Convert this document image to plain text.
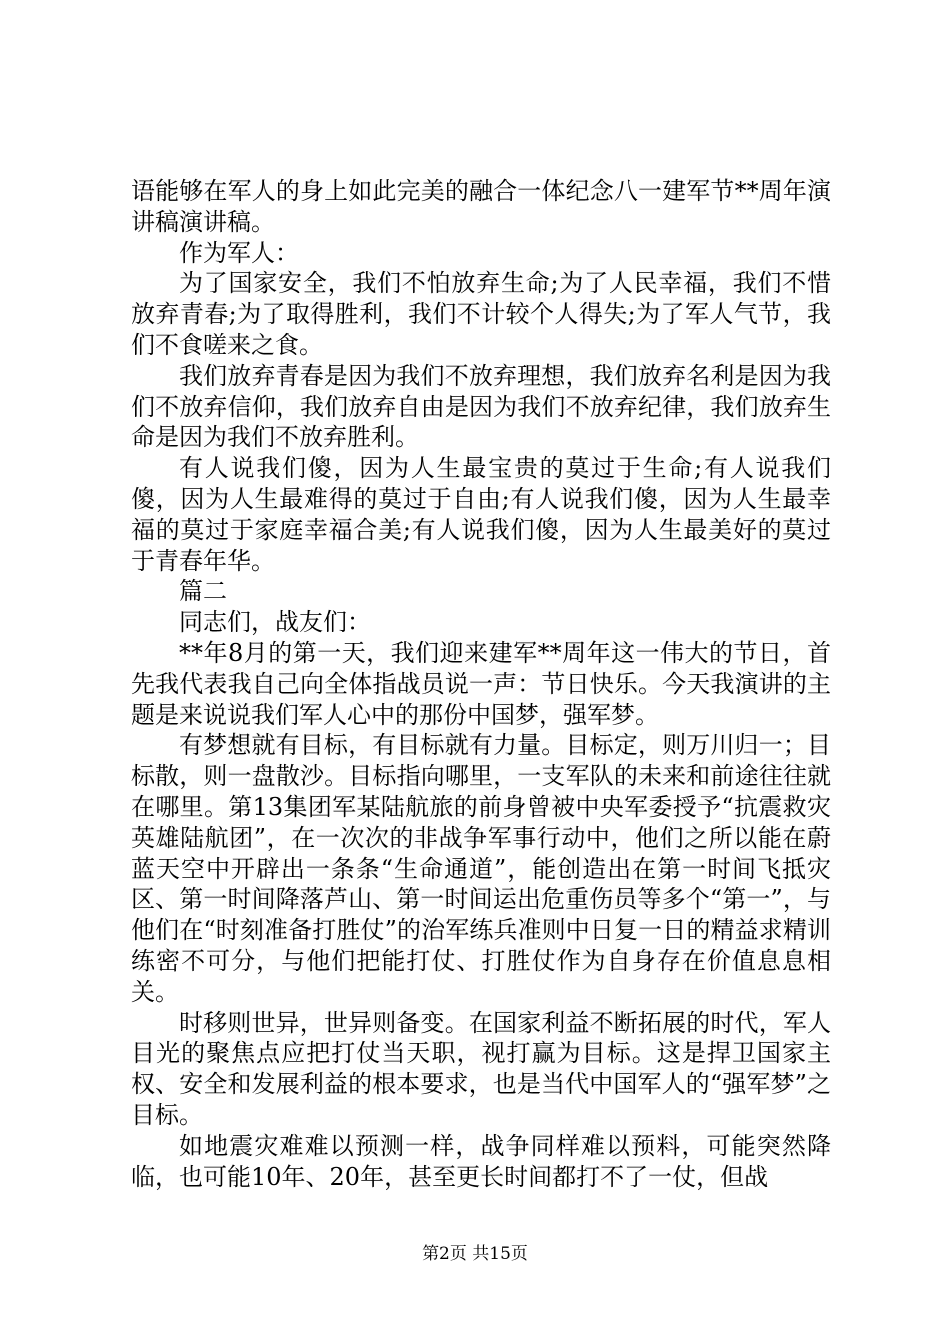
语能够在军人的身上如此完美的融合一体纪念八一建军节**周年演讲稿演讲稿。

作为军人：

为了国家安全，我们不怕放弃生命;为了人民幸福，我们不惜放弃青春;为了取得胜利，我们不计较个人得失;为了军人气节，我们不食嗟来之食。

我们放弃青春是因为我们不放弃理想，我们放弃名利是因为我们不放弃信仰，我们放弃自由是因为我们不放弃纪律，我们放弃生命是因为我们不放弃胜利。

有人说我们傻，因为人生最宝贵的莫过于生命;有人说我们傻，因为人生最难得的莫过于自由;有人说我们傻，因为人生最幸福的莫过于家庭幸福合美;有人说我们傻，因为人生最美好的莫过于青春年华。

篇二

同志们，战友们：

**年8月的第一天，我们迎来建军**周年这一伟大的节日，首先我代表我自己向全体指战员说一声：节日快乐。今天我演讲的主题是来说说我们军人心中的那份中国梦，强军梦。

有梦想就有目标，有目标就有力量。目标定，则万川归一；目标散，则一盘散沙。目标指向哪里，一支军队的未来和前途往往就在哪里。第13集团军某陆航旅的前身曾被中央军委授予“抗震救灾英雄陆航团”，在一次次的非战争军事行动中，他们之所以能在蔚蓝天空中开辟出一条条“生命通道”，能创造出在第一时间飞抵灾区、第一时间降落芦山、第一时间运出危重伤员等多个“第一”，与他们在“时刻准备打胜仗”的治军练兵准则中日复一日的精益求精训练密不可分，与他们把能打仗、打胜仗作为自身存在价值息息相关。

时移则世异，世异则备变。在国家利益不断拓展的时代，军人目光的聚焦点应把打仗当天职，视打赢为目标。这是捍卫国家主权、安全和发展利益的根本要求，也是当代中国军人的“强军梦”之目标。

如地震灾难难以预测一样，战争同样难以预料，可能突然降临，也可能10年、20年，甚至更长时间都打不了一仗，但战

第2页 共15页
